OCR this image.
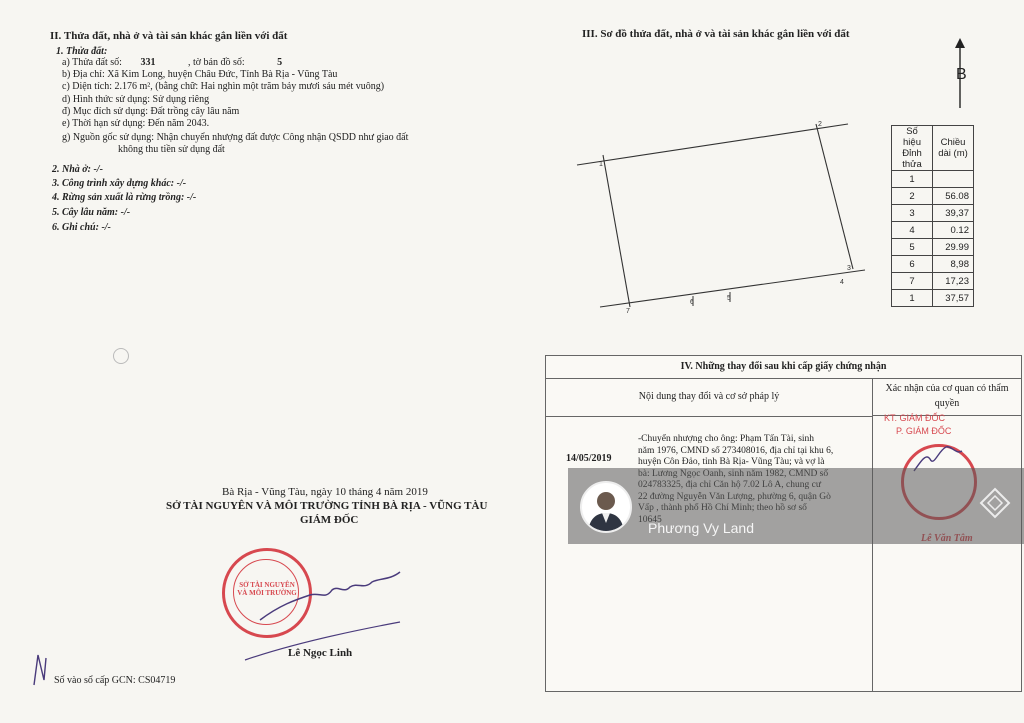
II. Thửa đất, nhà ở và tài sản khác gắn liền với đất
1. Thửa đất:
a) Thửa đất số: 331	, tờ bản đồ số:	5
b) Địa chỉ: Xã Kim Long, huyện Châu Đức, Tỉnh Bà Rịa - Vũng Tàu
c) Diện tích: 2.176 m², (bằng chữ: Hai nghìn một trăm bảy mươi sáu mét vuông)
d) Hình thức sử dụng: Sử dụng riêng
đ) Mục đích sử dụng: Đất trồng cây lâu năm
e) Thời hạn sử dụng: Đến năm 2043.
g) Nguồn gốc sử dụng: Nhận chuyển nhượng đất được Công nhận QSDD như giao đất
không thu tiền sử dụng đất
2. Nhà ở: -/-
3. Công trình xây dựng khác: -/-
4. Rừng sản xuất là rừng trồng: -/-
5. Cây lâu năm: -/-
6. Ghi chú: -/-
Bà Rịa - Vũng Tàu, ngày 10 tháng 4 năm 2019
SỞ TÀI NGUYÊN VÀ MÔI TRƯỜNG TỈNH BÀ RỊA - VŨNG TÀU
GIÁM ĐỐC
SỞ TÀI NGUYÊN VÀ MÔI TRƯỜNG
Lê Ngọc Linh
Số vào sổ cấp GCN: CS04719
III. Sơ đồ thửa đất, nhà ở và tài sản khác gắn liền với đất
B
1
2
3
4
5
6
7
Số hiệu Đỉnh thửa	Chiều dài (m)
1	
2	56.08
3	39,37
4	0.12
5	29.99
6	8,98
7	17,23
1	37,57
IV. Những thay đổi sau khi cấp giấy chứng nhận
Nội dung thay đổi và cơ sở pháp lý
Xác nhận của cơ quan có thẩm quyền
14/05/2019
-Chuyển nhượng cho ông: Phạm Tấn Tài, sinh
năm 1976, CMND số 273408016, địa chỉ tại khu 6,
huyện Côn Đảo, tỉnh Bà Rịa- Vũng Tàu; và vợ là
KT. GIÁM ĐỐC
P. GIÁM ĐỐC
Phương Vy Land
